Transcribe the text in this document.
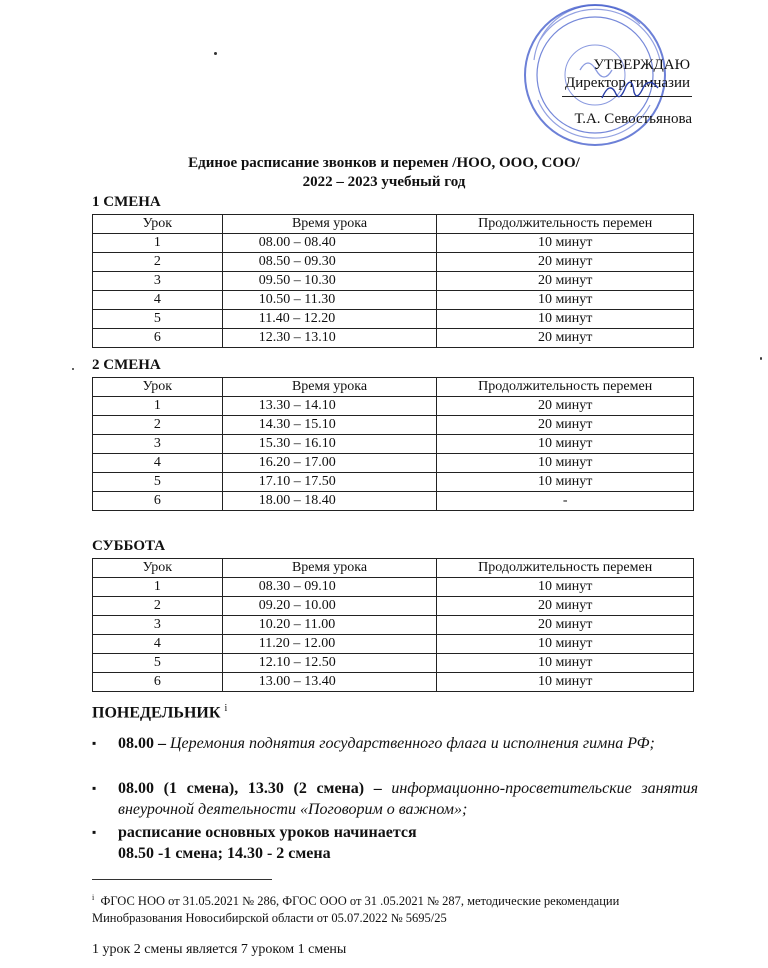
УТВЕРЖДАЮ
Директор гимназии
Т.А. Севостьянова
Единое расписание звонков и перемен /НОО, ООО, СОО/
2022 – 2023 учебный год
1 СМЕНА
Урок	Время урока	Продолжительность перемен
1	08.00 – 08.40	10 минут
2	08.50 – 09.30	20 минут
3	09.50 – 10.30	20 минут
4	10.50 – 11.30	10 минут
5	11.40 – 12.20	10 минут
6	12.30 – 13.10	20 минут
2 СМЕНА
Урок	Время урока	Продолжительность перемен
1	13.30 – 14.10	20 минут
2	14.30 – 15.10	20 минут
3	15.30 – 16.10	10 минут
4	16.20 – 17.00	10 минут
5	17.10 – 17.50	10 минут
6	18.00 – 18.40	-
СУББОТА
Урок	Время урока	Продолжительность перемен
1	08.30 – 09.10	10 минут
2	09.20 – 10.00	20 минут
3	10.20 – 11.00	20 минут
4	11.20 – 12.00	10 минут
5	12.10 – 12.50	10 минут
6	13.00 – 13.40	10 минут
ПОНЕДЕЛЬНИК $^i$
▪ 08.00 – Церемония поднятия государственного флага и исполнения гимна РФ;
▪ 08.00 (1 смена), 13.30 (2 смена) – информационно-просветительские занятия внеурочной деятельности «Поговорим о важном»;
▪ расписание основных уроков начинается
08.50 -1 смена; 14.30 - 2 смена
$^i$ ФГОС НОО от 31.05.2021 № 286, ФГОС ООО от 31 .05.2021 № 287, методические рекомендации Минобразования Новосибирской области от 05.07.2022 № 5695/25
1 урок 2 смены является 7 уроком 1 смены
